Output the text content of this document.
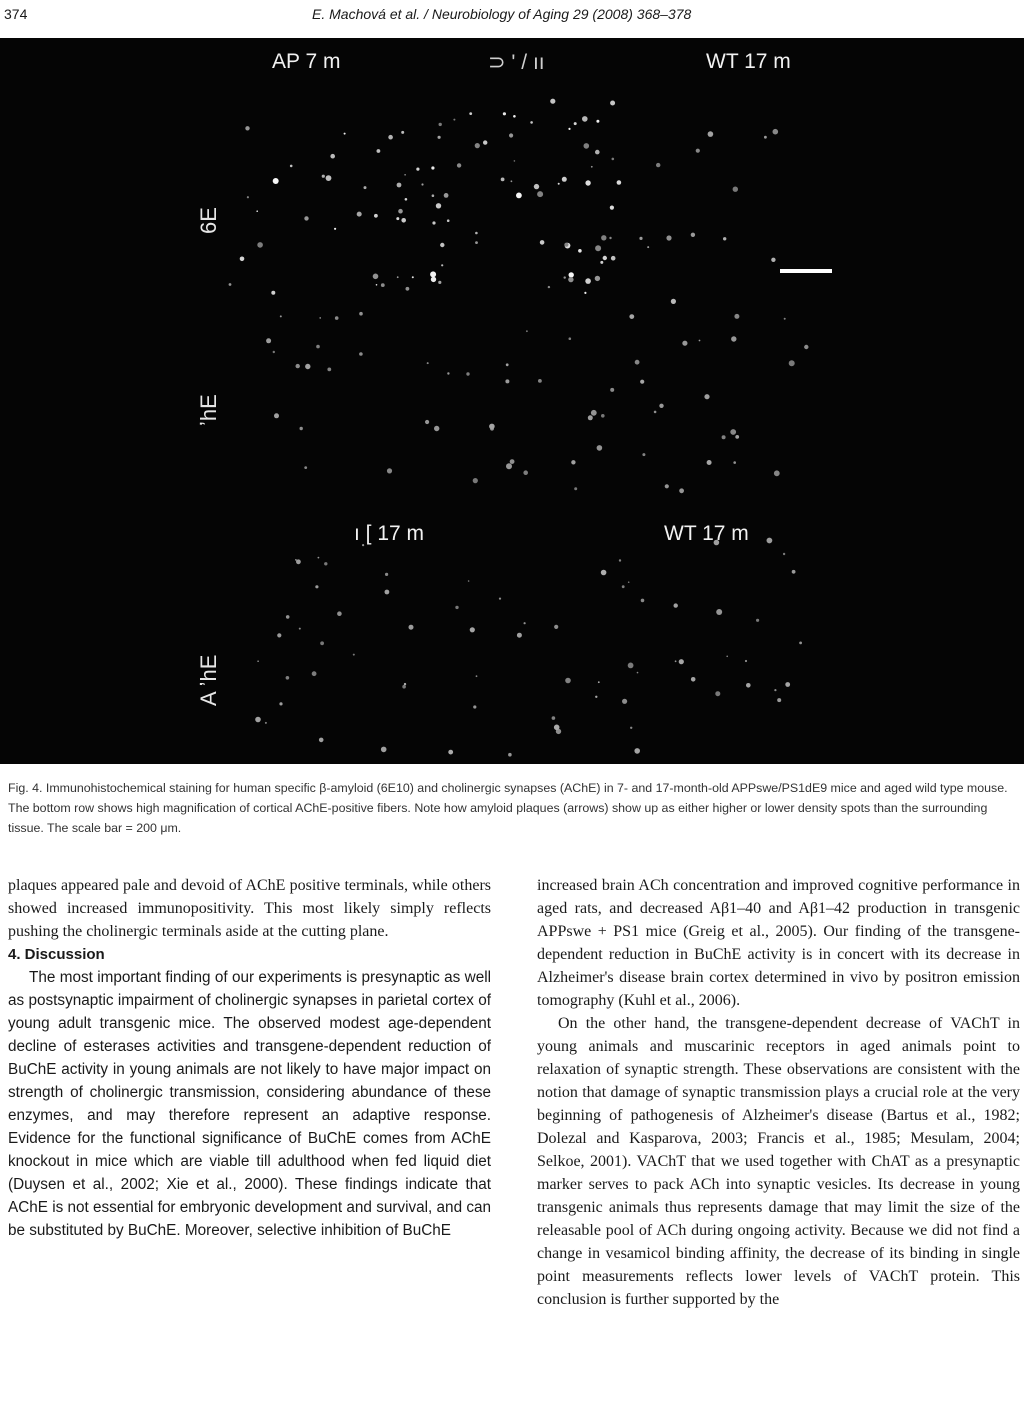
374	E. Machová et al. / Neurobiology of Aging 29 (2008) 368–378
AP 7 m	⊃ ' / ıı	WT 17 m
ı [ 17 m	WT 17 m
6E
ʼhE
A ʼhE
Fig. 4. Immunohistochemical staining for human specific β-amyloid (6E10) and cholinergic synapses (AChE) in 7- and 17-month-old APPswe/PS1dE9 mice and aged wild type mouse. The bottom row shows high magnification of cortical AChE-positive fibers. Note how amyloid plaques (arrows) show up as either higher or lower density spots than the surrounding tissue. The scale bar = 200 μm.

plaques appeared pale and devoid of AChE positive terminals, while others showed increased immunopositivity. This most likely simply reflects pushing the cholinergic terminals aside at the cutting plane.

4. Discussion

The most important finding of our experiments is presynaptic as well as postsynaptic impairment of cholinergic synapses in parietal cortex of young adult transgenic mice. The observed modest age-dependent decline of esterases activities and transgene-dependent reduction of BuChE activity in young animals are not likely to have major impact on strength of cholinergic transmission, considering abundance of these enzymes, and may therefore represent an adaptive response. Evidence for the functional significance of BuChE comes from AChE knockout in mice which are viable till adulthood when fed liquid diet (Duysen et al., 2002; Xie et al., 2000). These findings indicate that AChE is not essential for embryonic development and survival, and can be substituted by BuChE. Moreover, selective inhibition of BuChE

increased brain ACh concentration and improved cognitive performance in aged rats, and decreased Aβ1–40 and Aβ1–42 production in transgenic APPswe + PS1 mice (Greig et al., 2005). Our finding of the transgene-dependent reduction in BuChE activity is in concert with its decrease in Alzheimer's disease brain cortex determined in vivo by positron emission tomography (Kuhl et al., 2006).

On the other hand, the transgene-dependent decrease of VAChT in young animals and muscarinic receptors in aged animals point to relaxation of synaptic strength. These observations are consistent with the notion that damage of synaptic transmission plays a crucial role at the very beginning of pathogenesis of Alzheimer's disease (Bartus et al., 1982; Dolezal and Kasparova, 2003; Francis et al., 1985; Mesulam, 2004; Selkoe, 2001). VAChT that we used together with ChAT as a presynaptic marker serves to pack ACh into synaptic vesicles. Its decrease in young transgenic animals thus represents damage that may limit the size of the releasable pool of ACh during ongoing activity. Because we did not find a change in vesamicol binding affinity, the decrease of its binding in single point measurements reflects lower levels of VAChT protein. This conclusion is further supported by the
